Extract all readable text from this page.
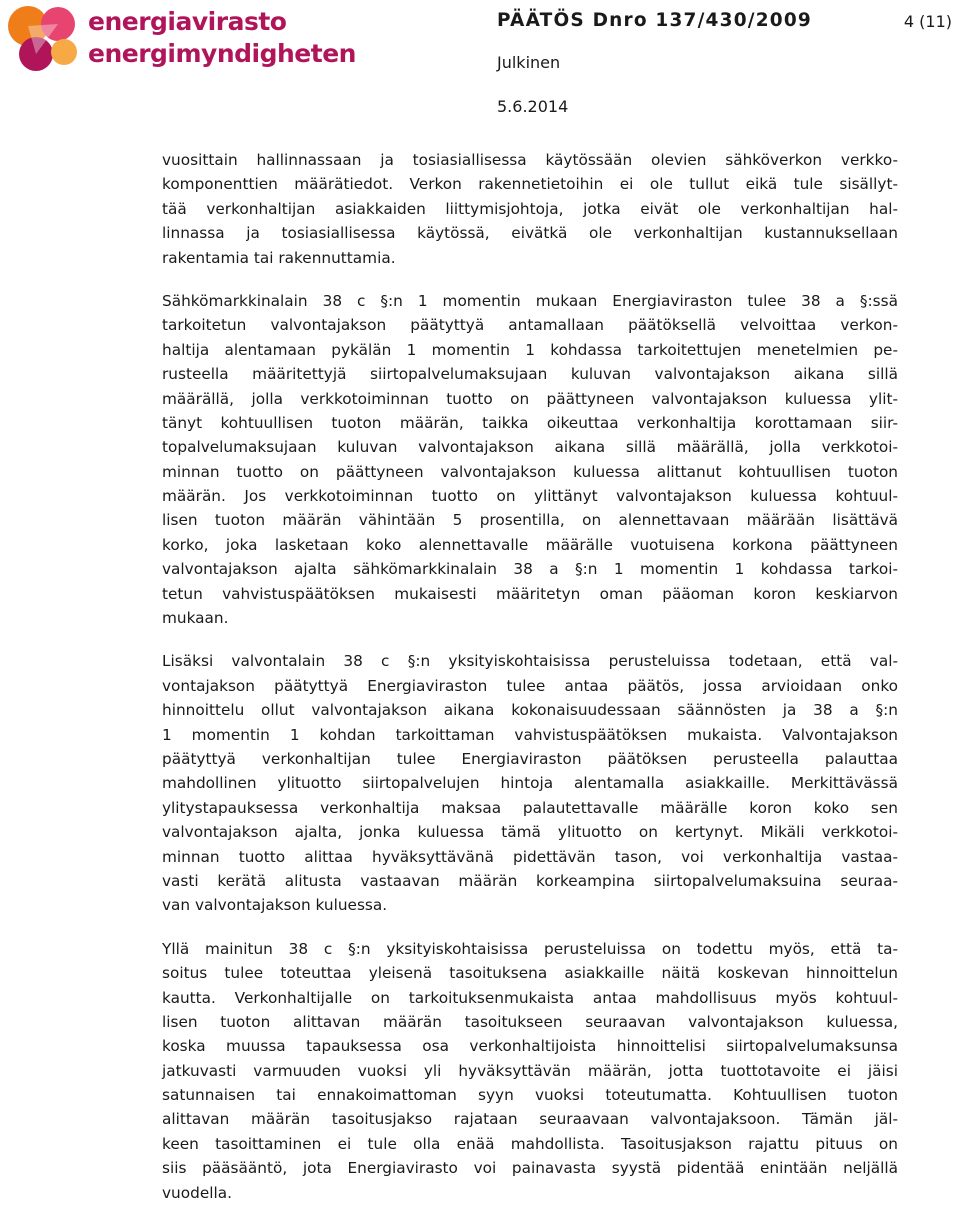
energiavirasto
energimyndigheten
PÄÄTÖS Dnro 137/430/2009	4 (11)
Julkinen
5.6.2014
vuosittain hallinnassaan ja tosiasiallisessa käytössään olevien sähköverkon verkko-
komponenttien määrätiedot. Verkon rakennetietoihin ei ole tullut eikä tule sisällyt-
tää verkonhaltijan asiakkaiden liittymisjohtoja, jotka eivät ole verkonhaltijan hal-
linnassa ja tosiasiallisessa käytössä, eivätkä ole verkonhaltijan kustannuksellaan
rakentamia tai rakennuttamia.
Sähkömarkkinalain 38 c §:n 1 momentin mukaan Energiaviraston tulee 38 a §:ssä
tarkoitetun valvontajakson päätyttyä antamallaan päätöksellä velvoittaa verkon-
haltija alentamaan pykälän 1 momentin 1 kohdassa tarkoitettujen menetelmien pe-
rusteella määritettyjä siirtopalvelumaksujaan kuluvan valvontajakson aikana sillä
määrällä, jolla verkkotoiminnan tuotto on päättyneen valvontajakson kuluessa ylit-
tänyt kohtuullisen tuoton määrän, taikka oikeuttaa verkonhaltija korottamaan siir-
topalvelumaksujaan kuluvan valvontajakson aikana sillä määrällä, jolla verkkotoi-
minnan tuotto on päättyneen valvontajakson kuluessa alittanut kohtuullisen tuoton
määrän. Jos verkkotoiminnan tuotto on ylittänyt valvontajakson kuluessa kohtuul-
lisen tuoton määrän vähintään 5 prosentilla, on alennettavaan määrään lisättävä
korko, joka lasketaan koko alennettavalle määrälle vuotuisena korkona päättyneen
valvontajakson ajalta sähkömarkkinalain 38 a §:n 1 momentin 1 kohdassa tarkoi-
tetun vahvistuspäätöksen mukaisesti määritetyn oman pääoman koron keskiarvon
mukaan.
Lisäksi valvontalain 38 c §:n yksityiskohtaisissa perusteluissa todetaan, että val-
vontajakson päätyttyä Energiaviraston tulee antaa päätös, jossa arvioidaan onko
hinnoittelu ollut valvontajakson aikana kokonaisuudessaan säännösten ja 38 a §:n
1 momentin 1 kohdan tarkoittaman vahvistuspäätöksen mukaista. Valvontajakson
päätyttyä verkonhaltijan tulee Energiaviraston päätöksen perusteella palauttaa
mahdollinen ylituotto siirtopalvelujen hintoja alentamalla asiakkaille. Merkittävässä
ylitystapauksessa verkonhaltija maksaa palautettavalle määrälle koron koko sen
valvontajakson ajalta, jonka kuluessa tämä ylituotto on kertynyt. Mikäli verkkotoi-
minnan tuotto alittaa hyväksyttävänä pidettävän tason, voi verkonhaltija vastaa-
vasti kerätä alitusta vastaavan määrän korkeampina siirtopalvelumaksuina seuraa-
van valvontajakson kuluessa.
Yllä mainitun 38 c §:n yksityiskohtaisissa perusteluissa on todettu myös, että ta-
soitus tulee toteuttaa yleisenä tasoituksena asiakkaille näitä koskevan hinnoittelun
kautta. Verkonhaltijalle on tarkoituksenmukaista antaa mahdollisuus myös kohtuul-
lisen tuoton alittavan määrän tasoitukseen seuraavan valvontajakson kuluessa,
koska muussa tapauksessa osa verkonhaltijoista hinnoittelisi siirtopalvelumaksunsa
jatkuvasti varmuuden vuoksi yli hyväksyttävän määrän, jotta tuottotavoite ei jäisi
satunnaisen tai ennakoimattoman syyn vuoksi toteutumatta. Kohtuullisen tuoton
alittavan määrän tasoitusjakso rajataan seuraavaan valvontajaksoon. Tämän jäl-
keen tasoittaminen ei tule olla enää mahdollista. Tasoitusjakson rajattu pituus on
siis pääsääntö, jota Energiavirasto voi painavasta syystä pidentää enintään neljällä
vuodella.
